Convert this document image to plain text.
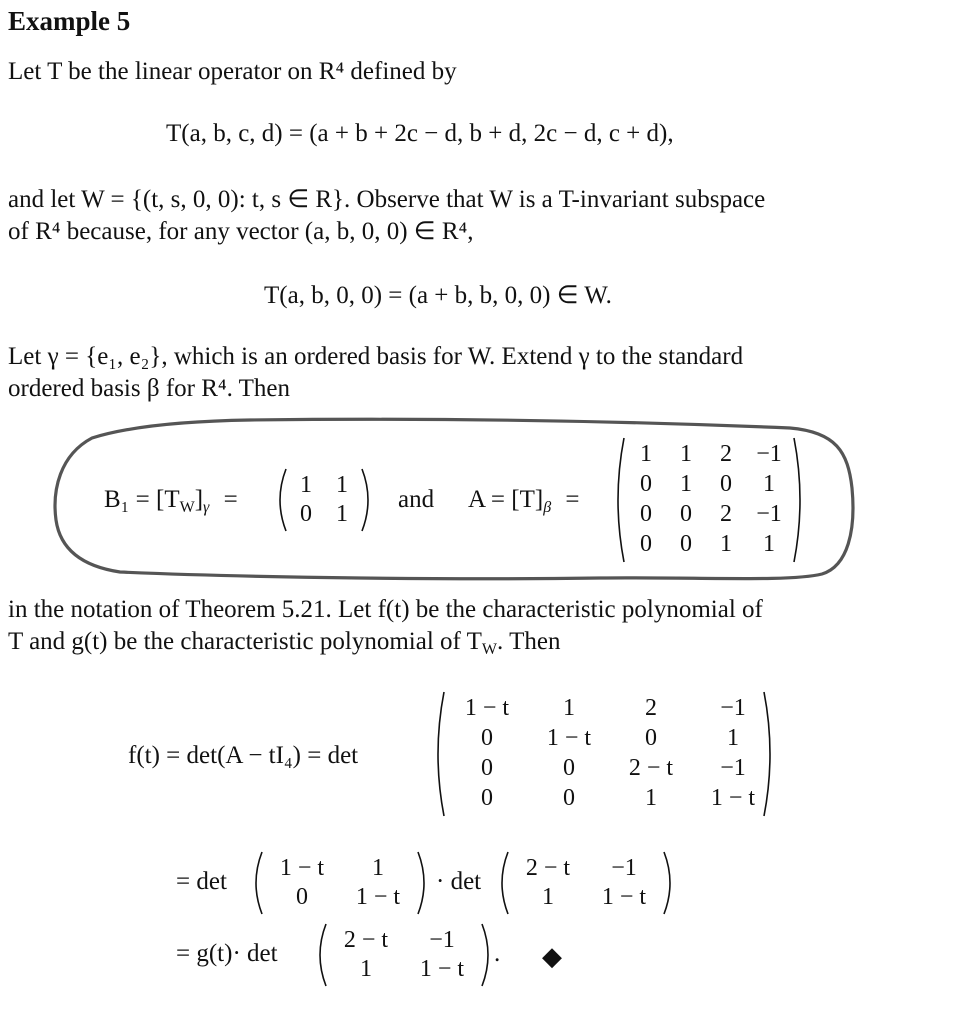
Example 5
Let T be the linear operator on R⁴ defined by
T(a, b, c, d) = (a + b + 2c − d, b + d, 2c − d, c + d),
and let W = {(t, s, 0, 0): t, s ∈ R}. Observe that W is a T-invariant subspace
of R⁴ because, for any vector (a, b, 0, 0) ∈ R⁴,
T(a, b, 0, 0) = (a + b, b, 0, 0) ∈ W.
Let γ = {e₁, e₂}, which is an ordered basis for W. Extend γ to the standard
ordered basis β for R⁴. Then
$B_1 = [T_W]_\gamma$ =
1	1
0	1
and $A = [T]_\beta$ =
1	1	2	−1
0	1	0	1
0	0	2	−1
0	0	1	1
in the notation of Theorem 5.21. Let f(t) be the characteristic polynomial of
T and g(t) be the characteristic polynomial of $T_W$. Then
f(t) = det(A − tI₄) = det
1 − t	1	2	−1
0	1 − t	0	1
0	0	2 − t	−1
0	0	1	1 − t
= det
1 − t	1
0	1 − t
· det
2 − t	−1
1	1 − t
= g(t)· det
2 − t	−1
1	1 − t
. ◆
